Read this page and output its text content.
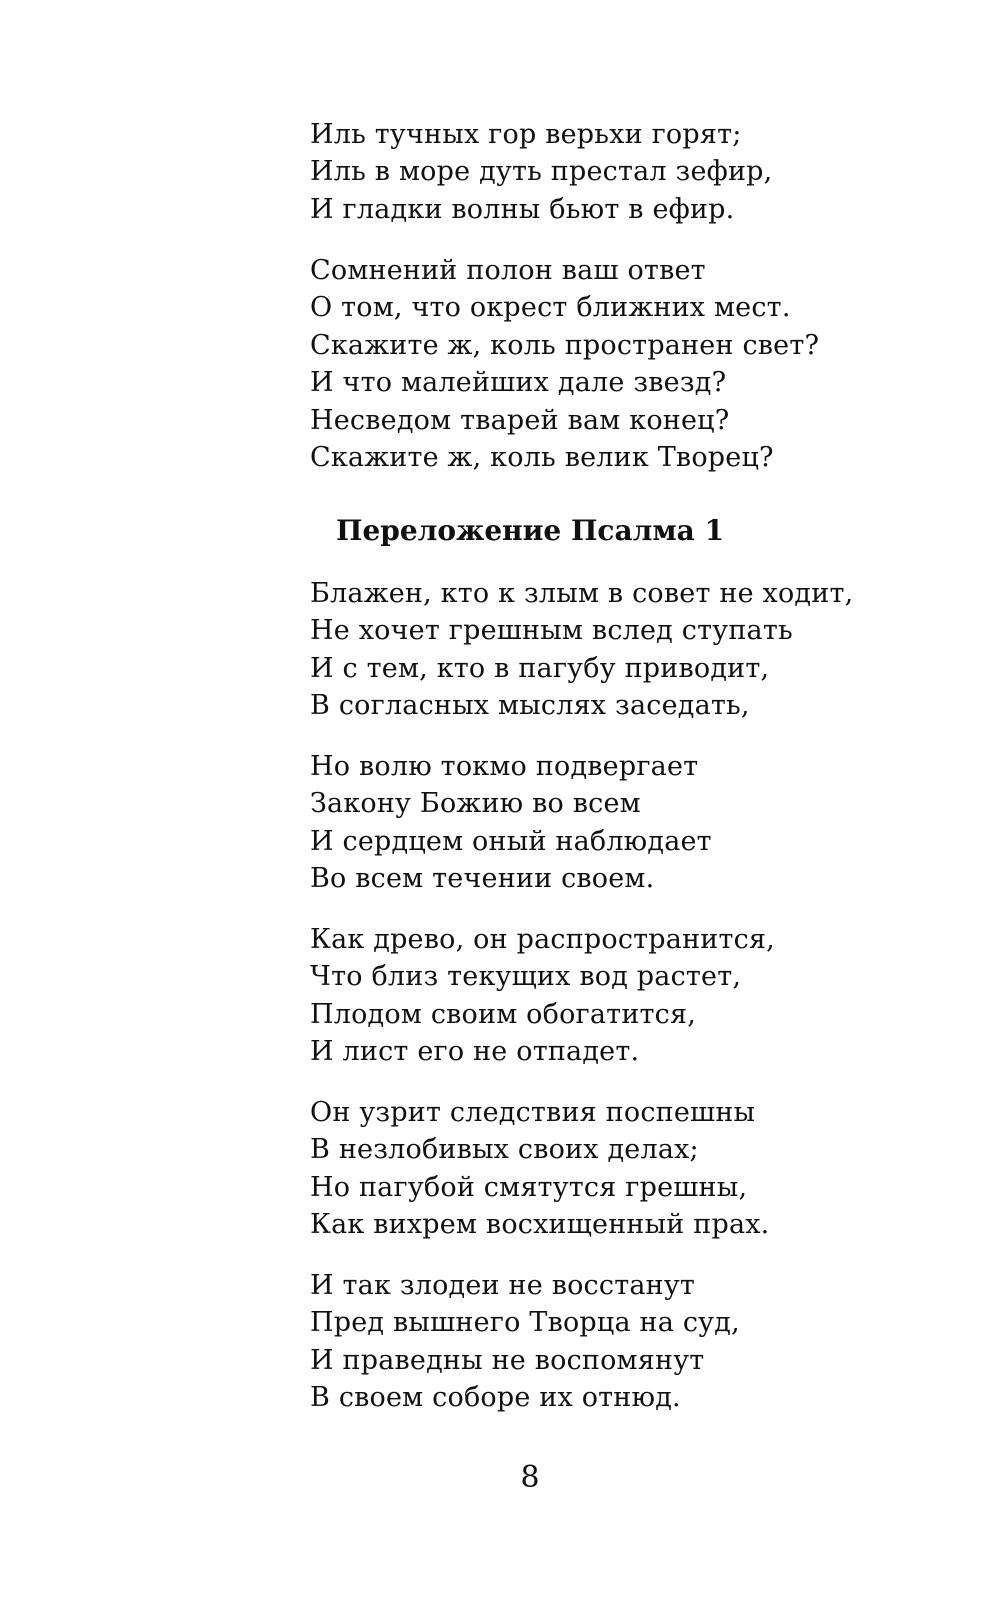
Иль тучных гор верьхи горят;
Иль в море дуть престал зефир,
И гладки волны бьют в ефир.
Сомнений полон ваш ответ
О том, что окрест ближних мест.
Скажите ж, коль пространен свет?
И что малейших дале звезд?
Несведом тварей вам конец?
Скажите ж, коль велик Творец?
Переложение Псалма 1
Блажен, кто к злым в совет не ходит,
Не хочет грешным вслед ступать
И с тем, кто в пагубу приводит,
В согласных мыслях заседать,
Но волю токмо подвергает
Закону Божию во всем
И сердцем оный наблюдает
Во всем течении своем.
Как древо, он распространится,
Что близ текущих вод растет,
Плодом своим обогатится,
И лист его не отпадет.
Он узрит следствия поспешны
В незлобивых своих делах;
Но пагубой смятутся грешны,
Как вихрем восхищенный прах.
И так злодеи не восстанут
Пред вышнего Творца на суд,
И праведны не воспомянут
В своем соборе их отнюд.
8
